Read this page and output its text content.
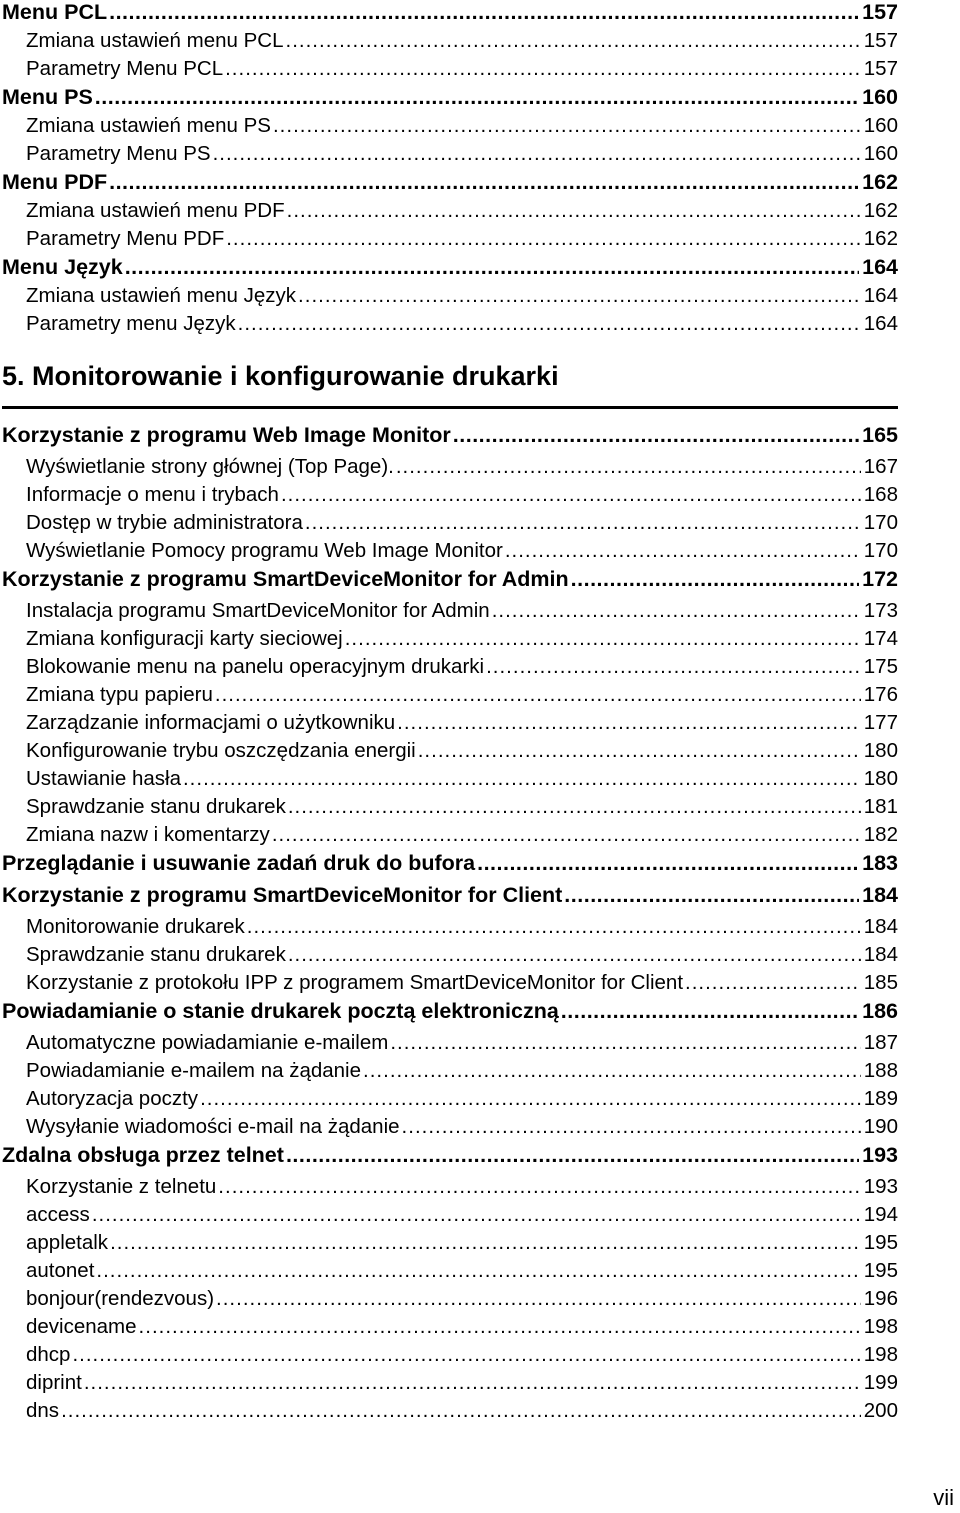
Menu PCL .....	157
Zmiana ustawień menu PCL .....	157
Parametry Menu PCL .....	157
Menu PS .....	160
Zmiana ustawień menu PS .....	160
Parametry Menu PS .....	160
Menu PDF .....	162
Zmiana ustawień menu PDF .....	162
Parametry Menu PDF .....	162
Menu Język .....	164
Zmiana ustawień menu Język .....	164
Parametry menu Język .....	164
5. Monitorowanie i konfigurowanie drukarki
Korzystanie z programu Web Image Monitor .....	165
Wyświetlanie strony głównej (Top Page). .....	167
Informacje o menu i trybach .....	168
Dostęp w trybie administratora .....	170
Wyświetlanie Pomocy programu Web Image Monitor .....	170
Korzystanie z programu SmartDeviceMonitor for Admin .....	172
Instalacja programu SmartDeviceMonitor for Admin .....	173
Zmiana konfiguracji karty sieciowej .....	174
Blokowanie menu na panelu operacyjnym drukarki .....	175
Zmiana typu papieru .....	176
Zarządzanie informacjami o użytkowniku .....	177
Konfigurowanie trybu oszczędzania energii .....	180
Ustawianie hasła .....	180
Sprawdzanie stanu drukarek .....	181
Zmiana nazw i komentarzy .....	182
Przeglądanie i usuwanie zadań druk do bufora .....	183
Korzystanie z programu SmartDeviceMonitor for Client .....	184
Monitorowanie drukarek .....	184
Sprawdzanie stanu drukarek .....	184
Korzystanie z protokołu IPP z programem SmartDeviceMonitor for Client .....	185
Powiadamianie o stanie drukarek pocztą elektroniczną .....	186
Automatyczne powiadamianie e-mailem .....	187
Powiadamianie e-mailem na żądanie .....	188
Autoryzacja poczty .....	189
Wysyłanie wiadomości e-mail na żądanie .....	190
Zdalna obsługa przez telnet .....	193
Korzystanie z telnetu .....	193
access .....	194
appletalk .....	195
autonet .....	195
bonjour(rendezvous) .....	196
devicename .....	198
dhcp .....	198
diprint .....	199
dns .....	200
vii
